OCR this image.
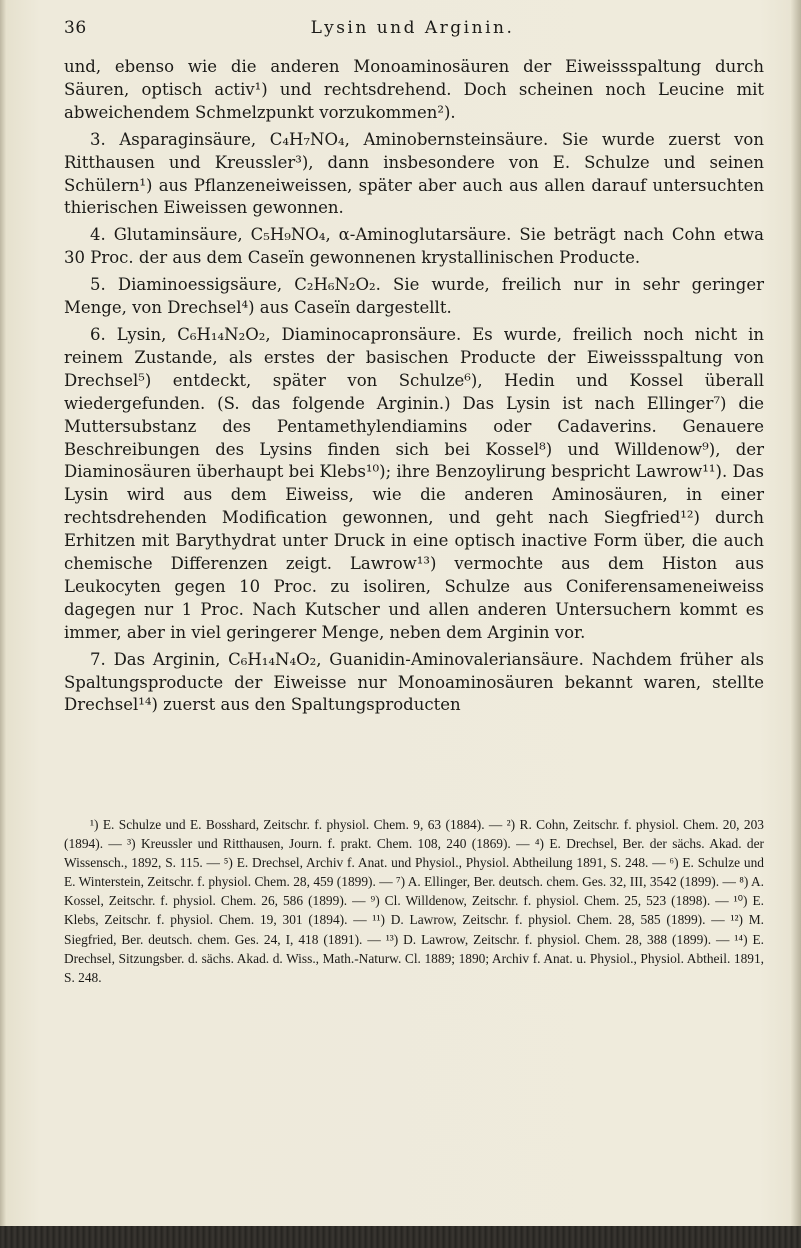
36	Lysin und Arginin.

und, ebenso wie die anderen Monoaminosäuren der Eiweissspaltung durch Säuren, optisch activ¹) und rechtsdrehend. Doch scheinen noch Leucine mit abweichendem Schmelzpunkt vorzukommen²).

3. Asparaginsäure, C₄H₇NO₄, Aminobernsteinsäure. Sie wurde zuerst von Ritthausen und Kreussler³), dann insbesondere von E. Schulze und seinen Schülern¹) aus Pflanzeneiweissen, später aber auch aus allen darauf untersuchten thierischen Eiweissen gewonnen.

4. Glutaminsäure, C₅H₉NO₄, α-Aminoglutarsäure. Sie beträgt nach Cohn etwa 30 Proc. der aus dem Caseïn gewonnenen krystallinischen Producte.

5. Diaminoessigsäure, C₂H₆N₂O₂. Sie wurde, freilich nur in sehr geringer Menge, von Drechsel⁴) aus Caseïn dargestellt.

6. Lysin, C₆H₁₄N₂O₂, Diaminocapronsäure. Es wurde, freilich noch nicht in reinem Zustande, als erstes der basischen Producte der Eiweissspaltung von Drechsel⁵) entdeckt, später von Schulze⁶), Hedin und Kossel überall wiedergefunden. (S. das folgende Arginin.) Das Lysin ist nach Ellinger⁷) die Muttersubstanz des Pentamethylendiamins oder Cadaverins. Genauere Beschreibungen des Lysins finden sich bei Kossel⁸) und Willdenow⁹), der Diaminosäuren überhaupt bei Klebs¹⁰); ihre Benzoylirung bespricht Lawrow¹¹). Das Lysin wird aus dem Eiweiss, wie die anderen Aminosäuren, in einer rechtsdrehenden Modification gewonnen, und geht nach Siegfried¹²) durch Erhitzen mit Barythydrat unter Druck in eine optisch inactive Form über, die auch chemische Differenzen zeigt. Lawrow¹³) vermochte aus dem Histon aus Leukocyten gegen 10 Proc. zu isoliren, Schulze aus Coniferensameneiweiss dagegen nur 1 Proc. Nach Kutscher und allen anderen Untersuchern kommt es immer, aber in viel geringerer Menge, neben dem Arginin vor.

7. Das Arginin, C₆H₁₄N₄O₂, Guanidin-Aminovaleriansäure. Nachdem früher als Spaltungsproducte der Eiweisse nur Monoaminosäuren bekannt waren, stellte Drechsel¹⁴) zuerst aus den Spaltungsproducten

¹) E. Schulze und E. Bosshard, Zeitschr. f. physiol. Chem. 9, 63 (1884). — ²) R. Cohn, Zeitschr. f. physiol. Chem. 20, 203 (1894). — ³) Kreussler und Ritthausen, Journ. f. prakt. Chem. 108, 240 (1869). — ⁴) E. Drechsel, Ber. der sächs. Akad. der Wissensch., 1892, S. 115. — ⁵) E. Drechsel, Archiv f. Anat. und Physiol., Physiol. Abtheilung 1891, S. 248. — ⁶) E. Schulze und E. Winterstein, Zeitschr. f. physiol. Chem. 28, 459 (1899). — ⁷) A. Ellinger, Ber. deutsch. chem. Ges. 32, III, 3542 (1899). — ⁸) A. Kossel, Zeitschr. f. physiol. Chem. 26, 586 (1899). — ⁹) Cl. Willdenow, Zeitschr. f. physiol. Chem. 25, 523 (1898). — ¹⁰) E. Klebs, Zeitschr. f. physiol. Chem. 19, 301 (1894). — ¹¹) D. Lawrow, Zeitschr. f. physiol. Chem. 28, 585 (1899). — ¹²) M. Siegfried, Ber. deutsch. chem. Ges. 24, I, 418 (1891). — ¹³) D. Lawrow, Zeitschr. f. physiol. Chem. 28, 388 (1899). — ¹⁴) E. Drechsel, Sitzungsber. d. sächs. Akad. d. Wiss., Math.-Naturw. Cl. 1889; 1890; Archiv f. Anat. u. Physiol., Physiol. Abtheil. 1891, S. 248.
